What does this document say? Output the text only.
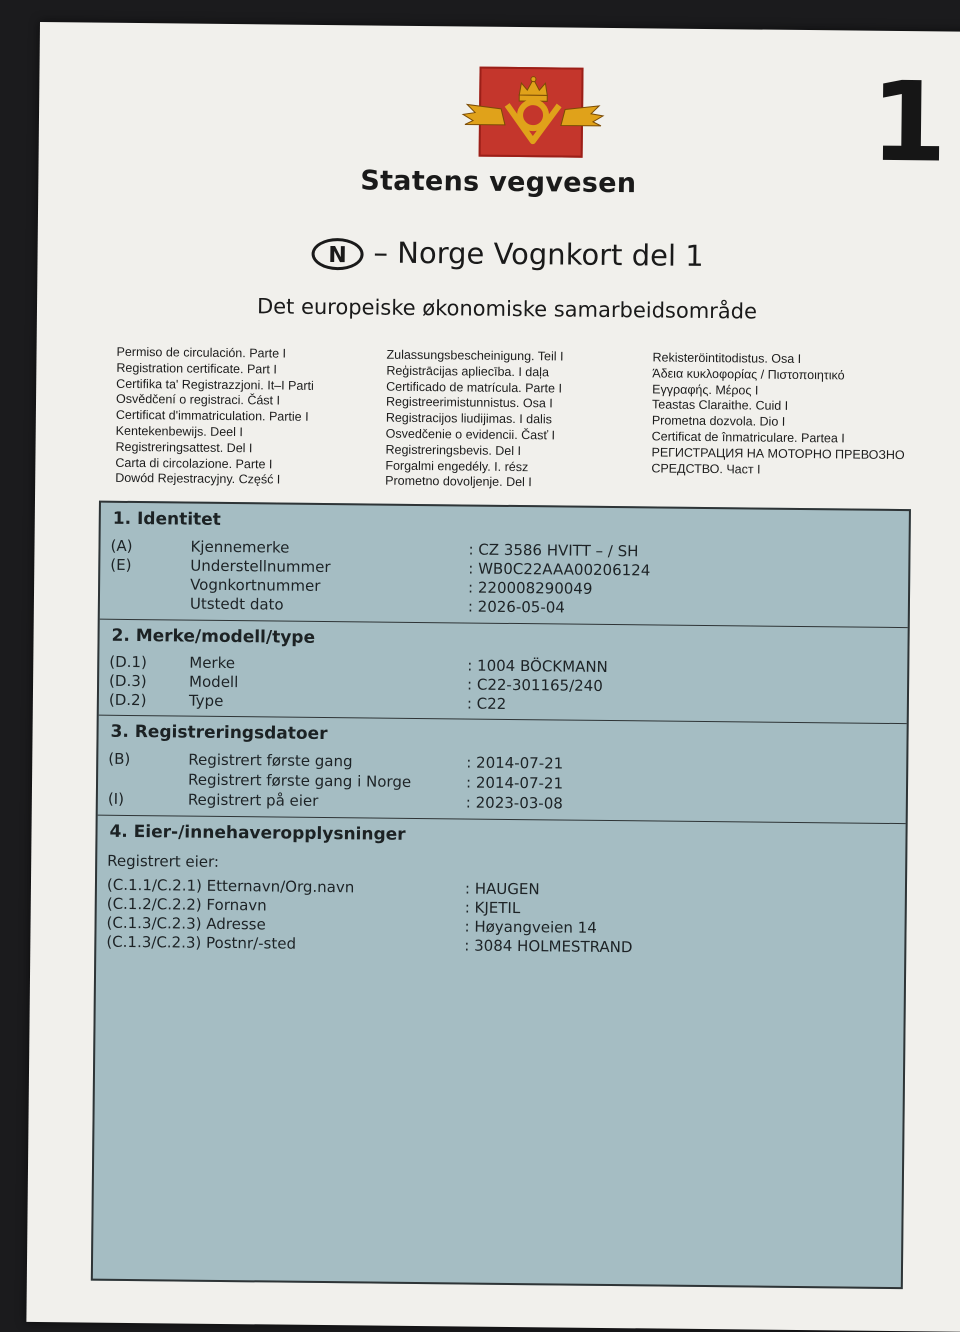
1
Statens vegvesen
N – Norge Vognkort del 1
Det europeiske økonomiske samarbeidsområde
Permiso de circulación. Parte I
Registration certificate. Part I
Certifika ta' Registrazzjoni. It–I Parti
Osvědčení o registraci. Část I
Certificat d'immatriculation. Partie I
Kentekenbewijs. Deel I
Registreringsattest. Del I
Carta di circolazione. Parte I
Dowód Rejestracyjny. Część I
Zulassungsbescheinigung. Teil I
Reģistrācijas apliecība. I daļa
Certificado de matrícula. Parte I
Registreerimistunnistus. Osa I
Registracijos liudijimas. I dalis
Osvedčenie o evidencii. Časť I
Registreringsbevis. Del I
Forgalmi engedély. I. rész
Prometno dovoljenje. Del I
Rekisteröintitodistus. Osa I
Άδεια κυκλοφορίας / Πιστοποιητικό
Εγγραφής. Μέρος I
Teastas Claraithe. Cuid I
Prometna dozvola. Dio I
Certificat de înmatriculare. Partea I
РЕГИСТРАЦИЯ НА МОТОРНО ПРЕВОЗНО
СРЕДСТВО. Част I
1. Identitet
(A)	Kjennemerke	: CZ 3586 HVITT – / SH
(E)	Understellnummer	: WB0C22AAA00206124
Vognkortnummer	: 220008290049
Utstedt dato	: 2026-05-04
2. Merke/modell/type
(D.1)	Merke	: 1004 BÖCKMANN
(D.3)	Modell	: C22-301165/240
(D.2)	Type	: C22
3. Registreringsdatoer
(B)	Registrert første gang	: 2014-07-21
Registrert første gang i Norge	: 2014-07-21
(I)	Registrert på eier	: 2023-03-08
4. Eier-/innehaveropplysninger
Registrert eier:
(C.1.1/C.2.1) Etternavn/Org.navn	: HAUGEN
(C.1.2/C.2.2) Fornavn	: KJETIL
(C.1.3/C.2.3) Adresse	: Høyangveien 14
(C.1.3/C.2.3) Postnr/-sted	: 3084 HOLMESTRAND
